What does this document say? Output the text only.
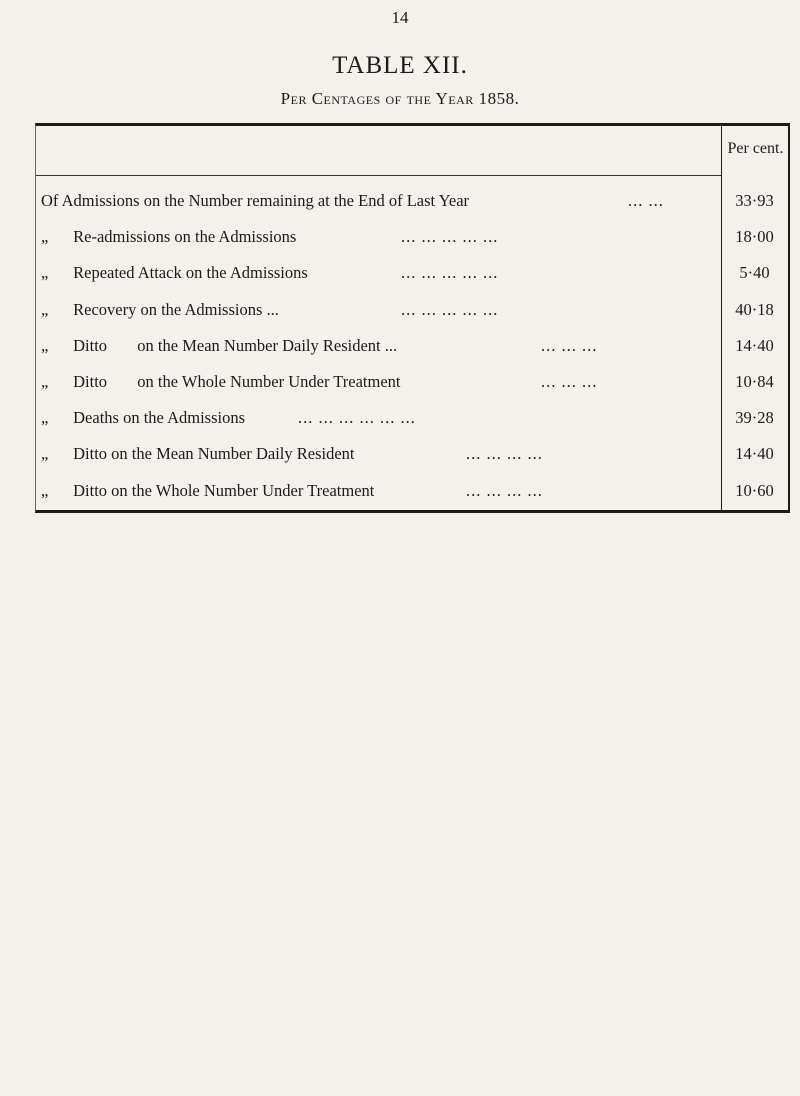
14
TABLE XII.
Per Centages of the Year 1858.
Per cent.
Of Admissions on the Number remaining at the End of Last Year	... ...	33·93
„ Re-admissions on the Admissions	... ... ... ... ...	18·00
„ Repeated Attack on the Admissions	... ... ... ... ...	5·40
„ Recovery on the Admissions ...	... ... ... ... ...	40·18
„ Ditto on the Mean Number Daily Resident ...	... ... ...	14·40
„ Ditto on the Whole Number Under Treatment	... ... ...	10·84
„ Deaths on the Admissions	... ... ... ... ... ...	39·28
„ Ditto on the Mean Number Daily Resident	... ... ... ...	14·40
„ Ditto on the Whole Number Under Treatment	... ... ... ...	10·60
